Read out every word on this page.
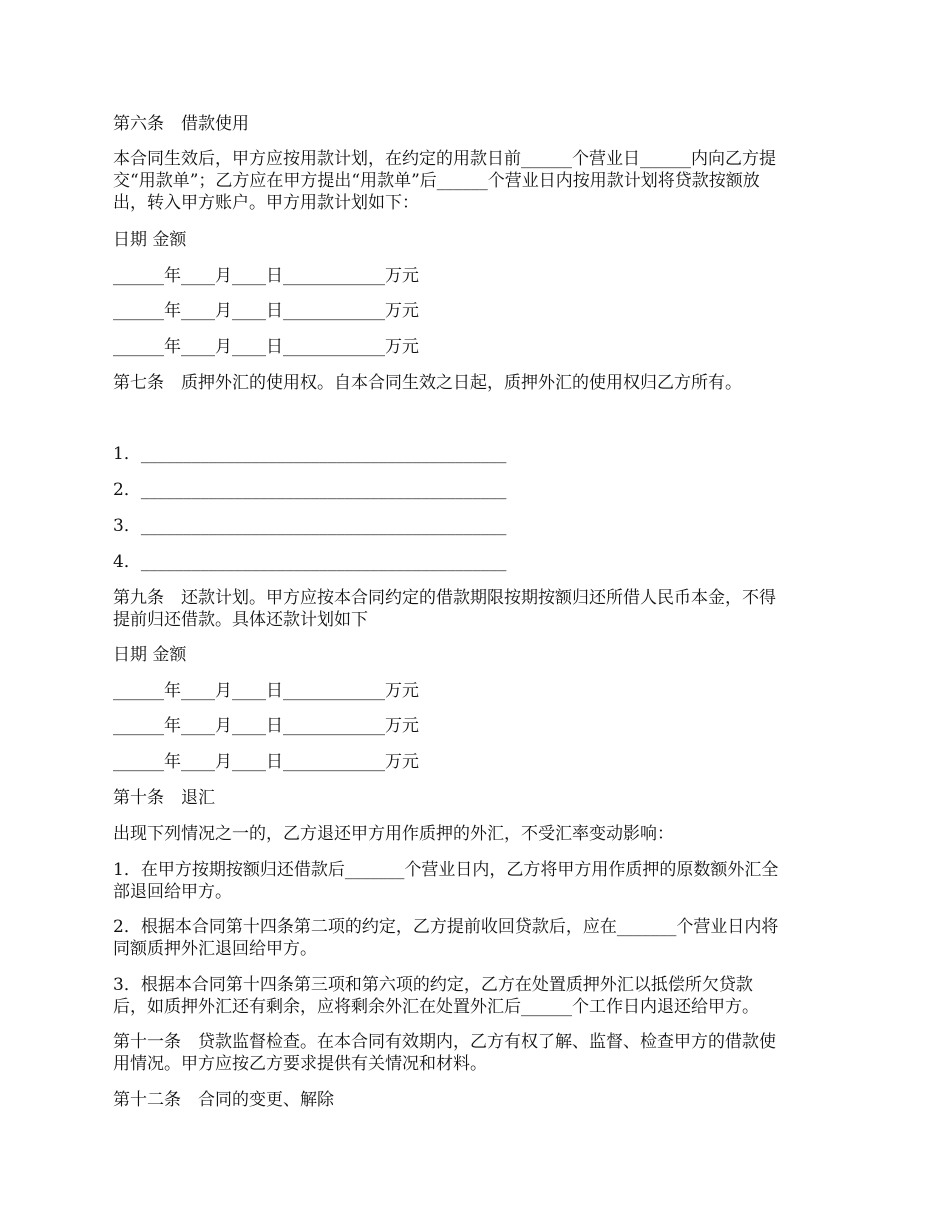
第六条　借款使用
本合同生效后，甲方应按用款计划，在约定的用款日前______个营业日______内向乙方提
交“用款单”；乙方应在甲方提出“用款单”后______个营业日内按用款计划将贷款按额放
出，转入甲方账户。甲方用款计划如下：
日期 金额
______年____月____日____________万元
______年____月____日____________万元
______年____月____日____________万元
第七条　质押外汇的使用权。自本合同生效之日起，质押外汇的使用权归乙方所有。
1．___________________________________________
2．___________________________________________
3．___________________________________________
4．___________________________________________
第九条　还款计划。甲方应按本合同约定的借款期限按期按额归还所借人民币本金，不得
提前归还借款。具体还款计划如下
日期 金额
______年____月____日____________万元
______年____月____日____________万元
______年____月____日____________万元
第十条　退汇
出现下列情况之一的，乙方退还甲方用作质押的外汇，不受汇率变动影响：
1．在甲方按期按额归还借款后_______个营业日内，乙方将甲方用作质押的原数额外汇全
部退回给甲方。
2．根据本合同第十四条第二项的约定，乙方提前收回贷款后，应在_______个营业日内将
同额质押外汇退回给甲方。
3．根据本合同第十四条第三项和第六项的约定，乙方在处置质押外汇以抵偿所欠贷款
后，如质押外汇还有剩余，应将剩余外汇在处置外汇后______个工作日内退还给甲方。
第十一条　贷款监督检查。在本合同有效期内，乙方有权了解、监督、检查甲方的借款使
用情况。甲方应按乙方要求提供有关情况和材料。
第十二条　合同的变更、解除
